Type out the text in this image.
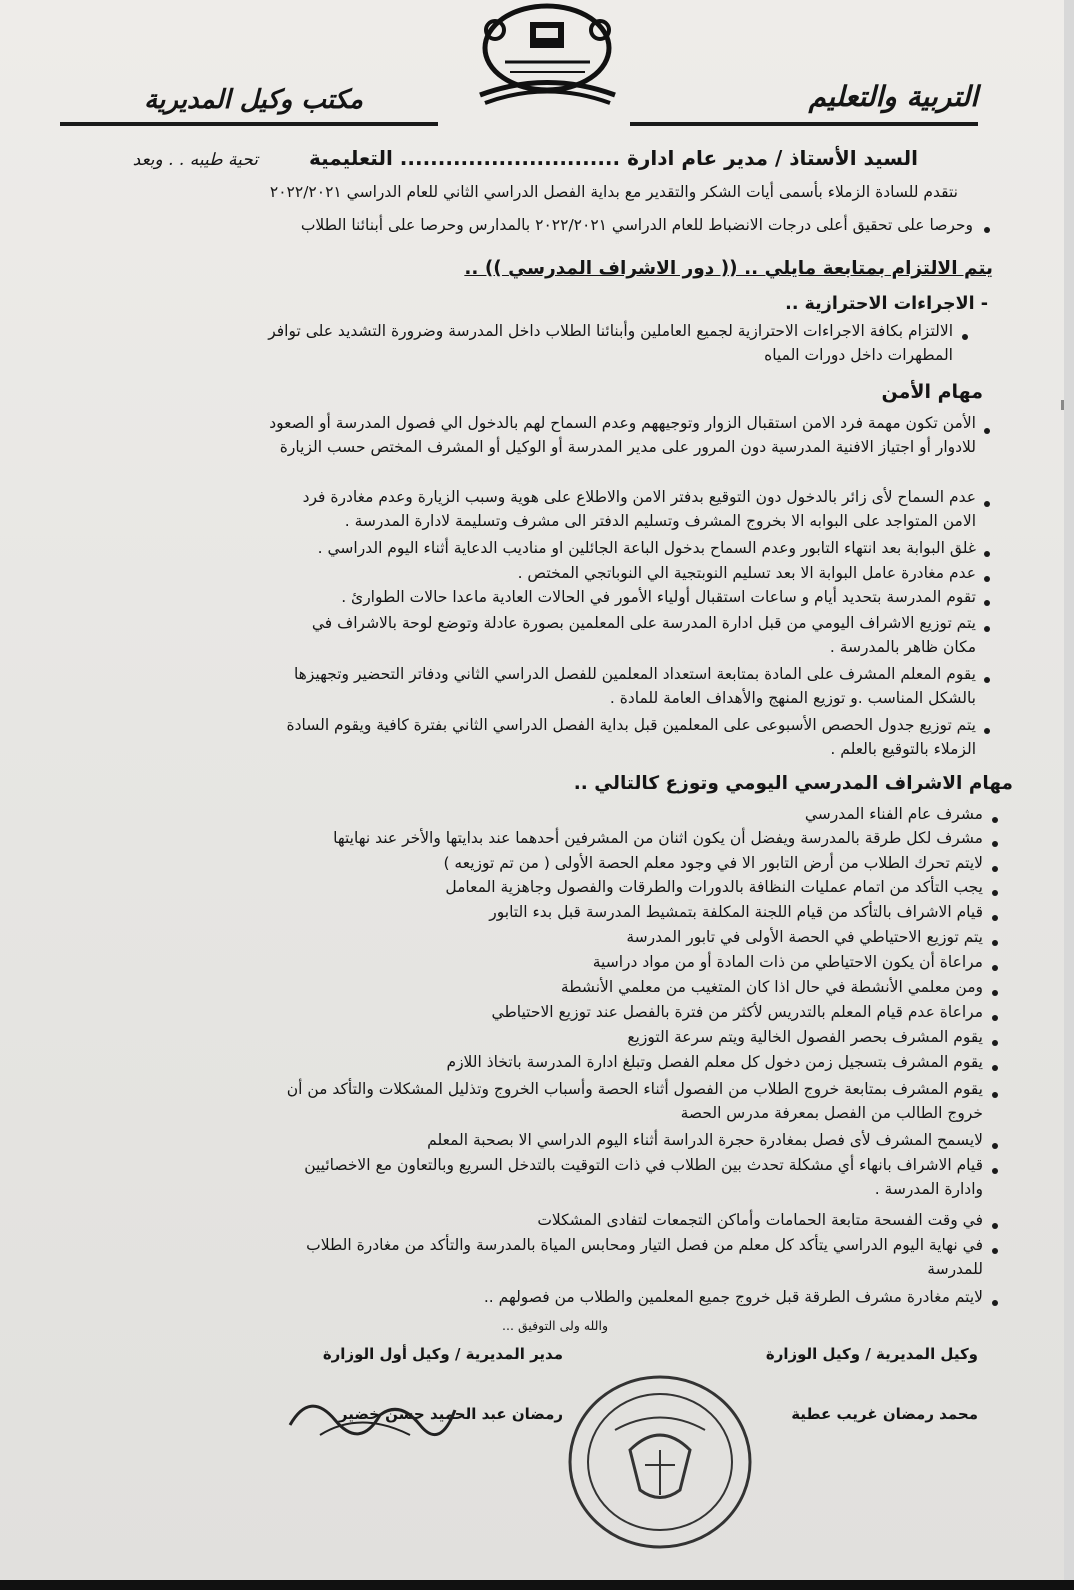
التربية والتعليم
مكتب وكيل المديرية
السيد الأستاذ / مدير عام ادارة ............................. التعليمية
تحية طيبه . . وبعد
نتقدم للسادة الزملاء بأسمى أيات الشكر والتقدير مع بداية الفصل الدراسي الثاني للعام الدراسي ٢٠٢٢/٢٠٢١
وحرصا على تحقيق أعلى درجات الانضباط للعام الدراسي ٢٠٢٢/٢٠٢١ بالمدارس وحرصا على أبنائنا الطلاب
يتم الالتزام بمتابعة مايلي .. (( دور الاشراف المدرسي )) ..
- الاجراءات الاحترازية ..
الالتزام بكافة الاجراءات الاحترازية لجميع العاملين وأبنائنا الطلاب داخل المدرسة وضرورة التشديد على توافر
المطهرات داخل دورات المياه
مهام الأمن
الأمن تكون مهمة فرد الامن استقبال الزوار وتوجيههم وعدم السماح لهم بالدخول الي فصول المدرسة أو الصعود
للادوار أو اجتياز الافنية المدرسية دون المرور على مدير المدرسة أو الوكيل أو المشرف المختص حسب الزيارة
عدم السماح لأى زائر بالدخول دون التوقيع بدفتر الامن والاطلاع على هوية وسبب الزيارة وعدم مغادرة فرد
الامن المتواجد على البوابه الا بخروج المشرف وتسليم الدفتر الى مشرف وتسليمة لادارة المدرسة .
غلق البوابة بعد انتهاء التابور وعدم السماح بدخول الباعة الجائلين او مناديب الدعاية أثناء اليوم الدراسي .
عدم مغادرة عامل البوابة الا بعد تسليم النوبتجية الي النوباتجي المختص .
تقوم المدرسة بتحديد أيام و ساعات استقبال أولياء الأمور في الحالات العادية ماعدا حالات الطوارئ .
يتم توزيع الاشراف اليومي من قبل ادارة المدرسة على المعلمين بصورة عادلة وتوضع لوحة بالاشراف في
مكان ظاهر بالمدرسة .
يقوم المعلم المشرف على المادة بمتابعة استعداد المعلمين للفصل الدراسي الثاني ودفاتر التحضير وتجهيزها
بالشكل المناسب .و توزيع المنهج والأهداف العامة للمادة .
يتم توزيع جدول الحصص الأسبوعى على المعلمين قبل بداية الفصل الدراسي الثاني بفترة كافية ويقوم السادة
الزملاء بالتوقيع بالعلم .
مهام الاشراف المدرسي اليومي وتوزع كالتالي ..
مشرف عام الفناء المدرسي
مشرف لكل طرقة بالمدرسة ويفضل أن يكون اثنان من المشرفين أحدهما عند بدايتها والأخر عند نهايتها
لايتم تحرك الطلاب من أرض التابور الا في وجود معلم الحصة الأولى ( من تم توزيعه )
يجب التأكد من اتمام عمليات النظافة بالدورات والطرقات والفصول وجاهزية المعامل
قيام الاشراف بالتأكد من قيام اللجنة المكلفة بتمشيط المدرسة قبل بدء التابور
يتم توزيع الاحتياطي في الحصة الأولى في تابور المدرسة
مراعاة أن يكون الاحتياطي من ذات المادة أو من مواد دراسية
ومن معلمي الأنشطة في حال اذا كان المتغيب من معلمي الأنشطة
مراعاة عدم قيام المعلم بالتدريس لأكثر من فترة بالفصل عند توزيع الاحتياطي
يقوم المشرف بحصر الفصول الخالية ويتم سرعة التوزيع
يقوم المشرف بتسجيل زمن دخول كل معلم الفصل وتبلغ ادارة المدرسة باتخاذ اللازم
يقوم المشرف بمتابعة خروج الطلاب من الفصول أثناء الحصة وأسباب الخروج وتذليل المشكلات والتأكد من أن
خروج الطالب من الفصل بمعرفة مدرس الحصة
لايسمح المشرف لأى فصل بمغادرة حجرة الدراسة أثناء اليوم الدراسي الا بصحبة المعلم
قيام الاشراف بانهاء أي مشكلة تحدث بين الطلاب في ذات التوقيت بالتدخل السريع وبالتعاون مع الاخصائيين
وادارة المدرسة .
في وقت الفسحة متابعة الحمامات وأماكن التجمعات لتفادى المشكلات
في نهاية اليوم الدراسي يتأكد كل معلم من فصل التيار ومحابس المياة بالمدرسة والتأكد من مغادرة الطلاب
للمدرسة
لايتم مغادرة مشرف الطرقة قبل خروج جميع المعلمين والطلاب من فصولهم ..
والله ولى التوفيق ...
وكيل المديرية / وكيل الوزارة
محمد رمضان غريب عطية
مدير المديرية / وكيل أول الوزارة
رمضان عبد الحميد حسن خضير
